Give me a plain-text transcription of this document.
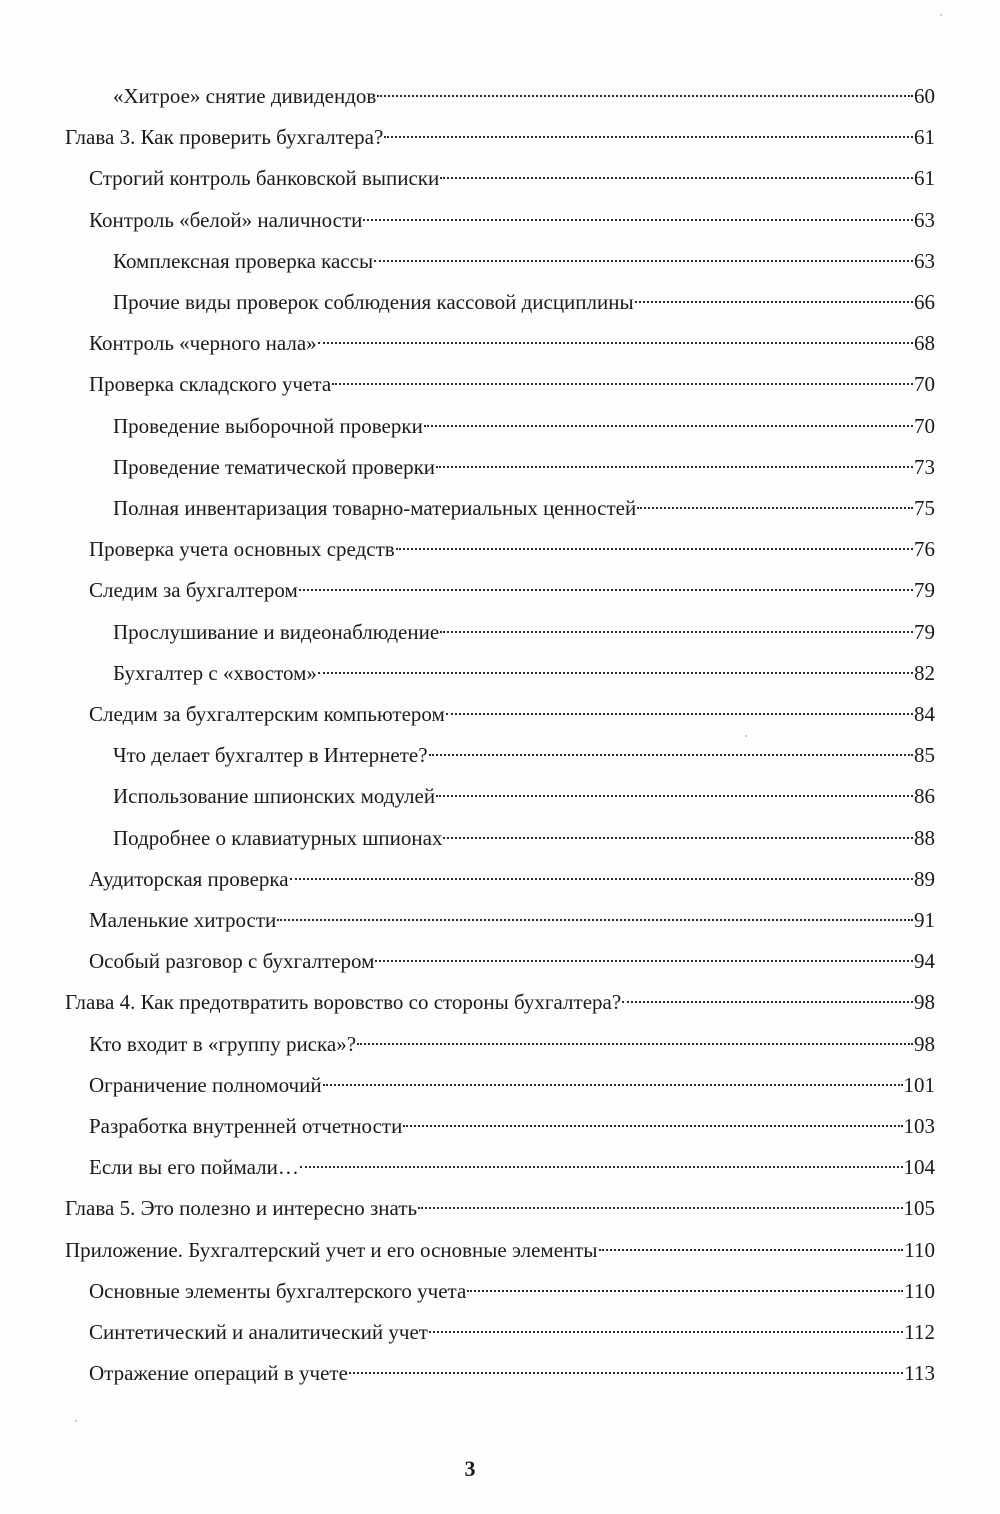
«Хитрое» снятие дивидендов	60
Глава 3. Как проверить бухгалтера?	61
Строгий контроль банковской выписки	61
Контроль «белой» наличности	63
Комплексная проверка кассы	63
Прочие виды проверок соблюдения кассовой дисциплины	66
Контроль «черного нала»	68
Проверка складского учета	70
Проведение выборочной проверки	70
Проведение тематической проверки	73
Полная инвентаризация товарно-материальных ценностей	75
Проверка учета основных средств	76
Следим за бухгалтером	79
Прослушивание и видеонаблюдение	79
Бухгалтер с «хвостом»	82
Следим за бухгалтерским компьютером	84
Что делает бухгалтер в Интернете?	85
Использование шпионских модулей	86
Подробнее о клавиатурных шпионах	88
Аудиторская проверка	89
Маленькие хитрости	91
Особый разговор с бухгалтером	94
Глава 4. Как предотвратить воровство со стороны бухгалтера?	98
Кто входит в «группу риска»?	98
Ограничение полномочий	101
Разработка внутренней отчетности	103
Если вы его поймали…	104
Глава 5. Это полезно и интересно знать	105
Приложение. Бухгалтерский учет и его основные элементы	110
Основные элементы бухгалтерского учета	110
Синтетический и аналитический учет	112
Отражение операций в учете	113
3
